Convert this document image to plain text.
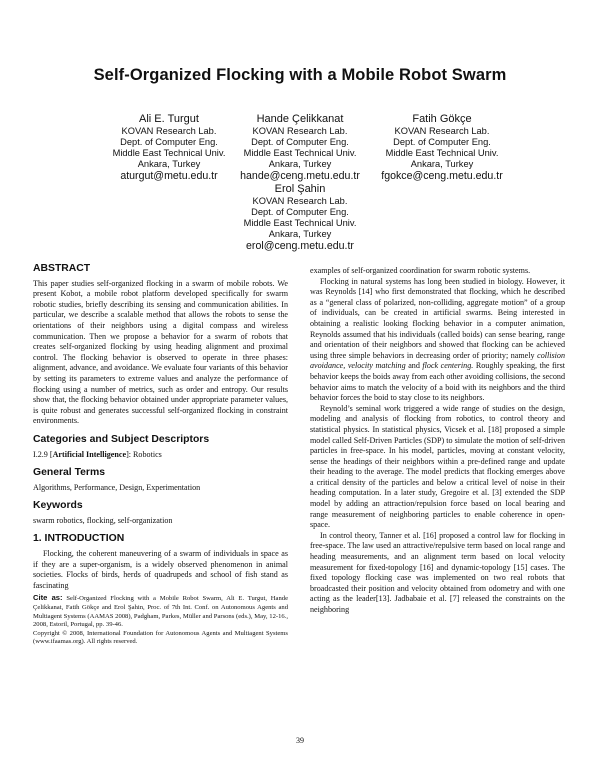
Self-Organized Flocking with a Mobile Robot Swarm
Ali E. Turgut
KOVAN Research Lab.
Dept. of Computer Eng.
Middle East Technical Univ.
Ankara, Turkey
aturgut@metu.edu.tr
Hande Çelikkanat
KOVAN Research Lab.
Dept. of Computer Eng.
Middle East Technical Univ.
Ankara, Turkey
hande@ceng.metu.edu.tr
Fatih Gökçe
KOVAN Research Lab.
Dept. of Computer Eng.
Middle East Technical Univ.
Ankara, Turkey
fgokce@ceng.metu.edu.tr
Erol Şahin
KOVAN Research Lab.
Dept. of Computer Eng.
Middle East Technical Univ.
Ankara, Turkey
erol@ceng.metu.edu.tr
ABSTRACT

This paper studies self-organized flocking in a swarm of mobile robots. We present Kobot, a mobile robot platform developed specifically for swarm robotic studies, briefly describing its sensing and communication abilities. In particular, we describe a scalable method that allows the robots to sense the orientations of their neighbors using a digital compass and wireless communication. Then we propose a behavior for a swarm of robots that creates self-organized flocking by using heading alignment and proximal control. The flocking behavior is observed to operate in three phases: alignment, advance, and avoidance. We evaluate four variants of this behavior by setting its parameters to extreme values and analyze the performance of flocking using a number of metrics, such as order and entropy. Our results show that, the flocking behavior obtained under appropriate parameter values, is quite robust and generates successful self-organized flocking in constraint environments.

Categories and Subject Descriptors

I.2.9 [Artificial Intelligence]: Robotics

General Terms

Algorithms, Performance, Design, Experimentation

Keywords

swarm robotics, flocking, self-organization

1. INTRODUCTION

Flocking, the coherent maneuvering of a swarm of individuals in space as if they are a super-organism, is a widely observed phenomenon in animal societies. Flocks of birds, herds of quadrupeds and school of fish stand as fascinating

Cite as: Self-Organized Flocking with a Mobile Robot Swarm, Ali E. Turgut, Hande Çelikkanat, Fatih Gökçe and Erol Şahin, Proc. of 7th Int. Conf. on Autonomous Agents and Multiagent Systems (AAMAS 2008), Padgham, Parkes, Müller and Parsons (eds.), May, 12-16., 2008, Estoril, Portugal, pp. 39-46.
Copyright © 2008, International Foundation for Autonomous Agents and Multiagent Systems (www.ifaamas.org). All rights reserved.

examples of self-organized coordination for swarm robotic systems.

Flocking in natural systems has long been studied in biology. However, it was Reynolds [14] who first demonstrated that flocking, which he described as a “general class of polarized, non-colliding, aggregate motion” of a group of individuals, can be created in artificial swarms. Being interested in obtaining a realistic looking flocking behavior in a computer animation, Reynolds assumed that his individuals (called boids) can sense bearing, range and orientation of their neighbors and showed that flocking can be achieved using three simple behaviors in decreasing order of priority; namely collision avoidance, velocity matching and flock centering. Roughly speaking, the first behavior keeps the boids away from each other avoiding collisions, the second behavior aims to match the velocity of a boid with its neighbors and the third behavior forces the boid to stay close to its neighbors.

Reynold’s seminal work triggered a wide range of studies on the design, modeling and analysis of flocking from robotics, to control theory and statistical physics. In statistical physics, Vicsek et al. [18] proposed a simple model called Self-Driven Particles (SDP) to simulate the motion of self-driven particles in free-space. In his model, particles, moving at constant velocity, sense the headings of their neighbors within a pre-defined range and update their heading to the average. The model predicts that flocking emerges above a critical density of the particles and below a critical level of noise in their heading computation. In a later study, Gregoire et al. [3] extended the SDP model by adding an attraction/repulsion force based on local bearing and range measurement of neighboring particles to enable coherence in open-space.

In control theory, Tanner et al. [16] proposed a control law for flocking in free-space. The law used an attractive/repulsive term based on local range and heading measurements, and an alignment term based on local velocity measurement for fixed-topology [16] and dynamic-topology [15] cases. The fixed topology flocking case was implemented on two real robots that broadcasted their position and velocity obtained from odometry and with one acting as the leader[13]. Jadbabaie et al. [7] released the constraints on the neighboring

39
